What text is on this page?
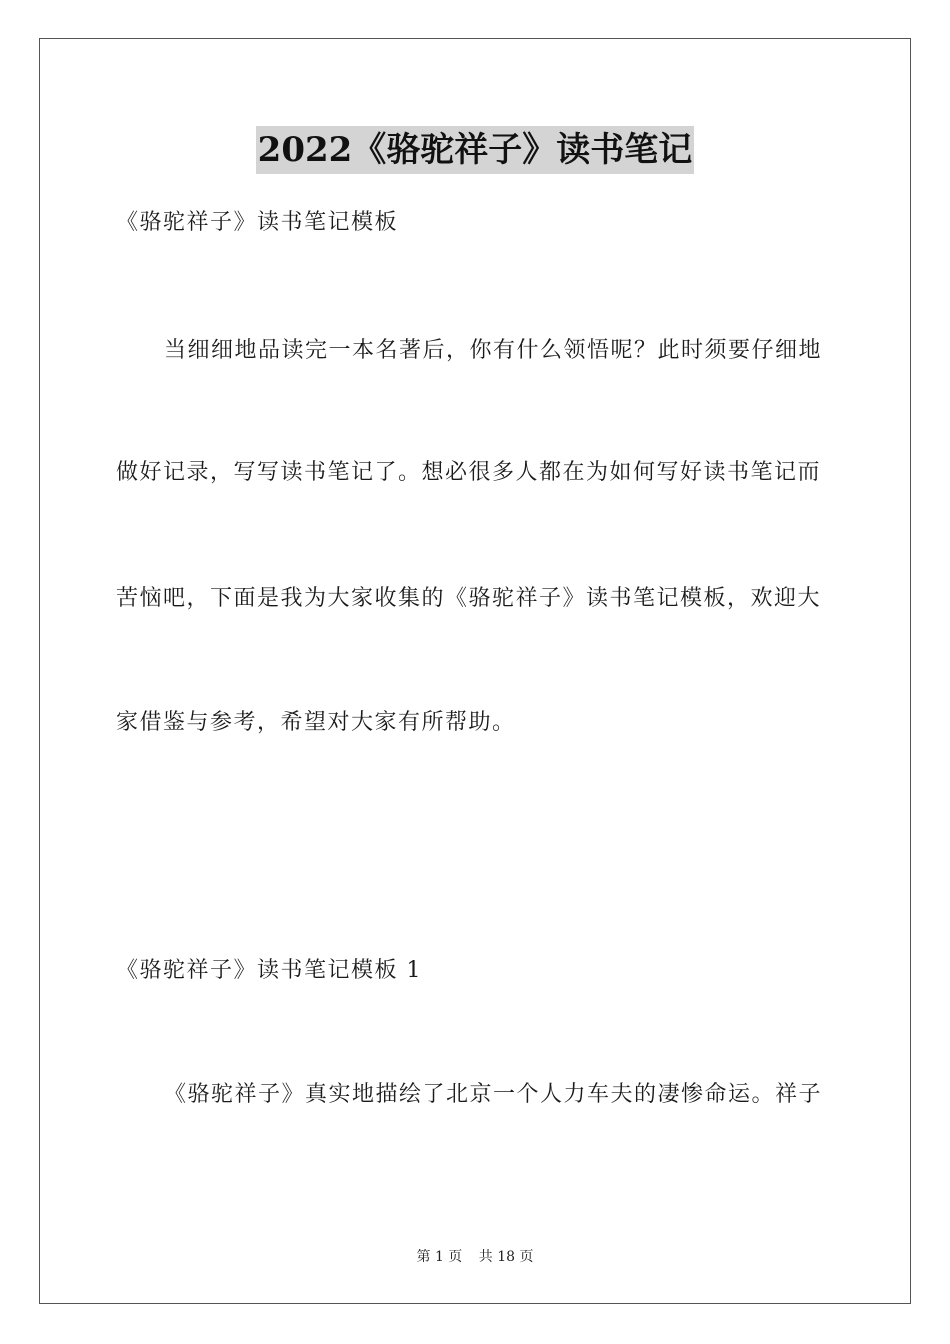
2022《骆驼祥子》读书笔记
《骆驼祥子》读书笔记模板
当细细地品读完一本名著后，你有什么领悟呢？此时须要仔细地
做好记录，写写读书笔记了。想必很多人都在为如何写好读书笔记而
苦恼吧，下面是我为大家收集的《骆驼祥子》读书笔记模板，欢迎大
家借鉴与参考，希望对大家有所帮助。
《骆驼祥子》读书笔记模板 1
《骆驼祥子》真实地描绘了北京一个人力车夫的凄惨命运。祥子
第 1 页 共 18 页
